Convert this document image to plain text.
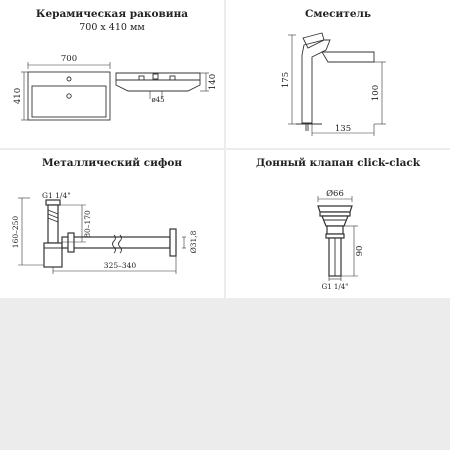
Керамическая раковина
700 х 410 мм
700
410	ø45
140
Смеситель
175
100
135
Металлический сифон
G1 1/4"
160–250	Ø31,8
80–170
325–340
Донный клапан click-clack
Ø66
90
G1 1/4"
